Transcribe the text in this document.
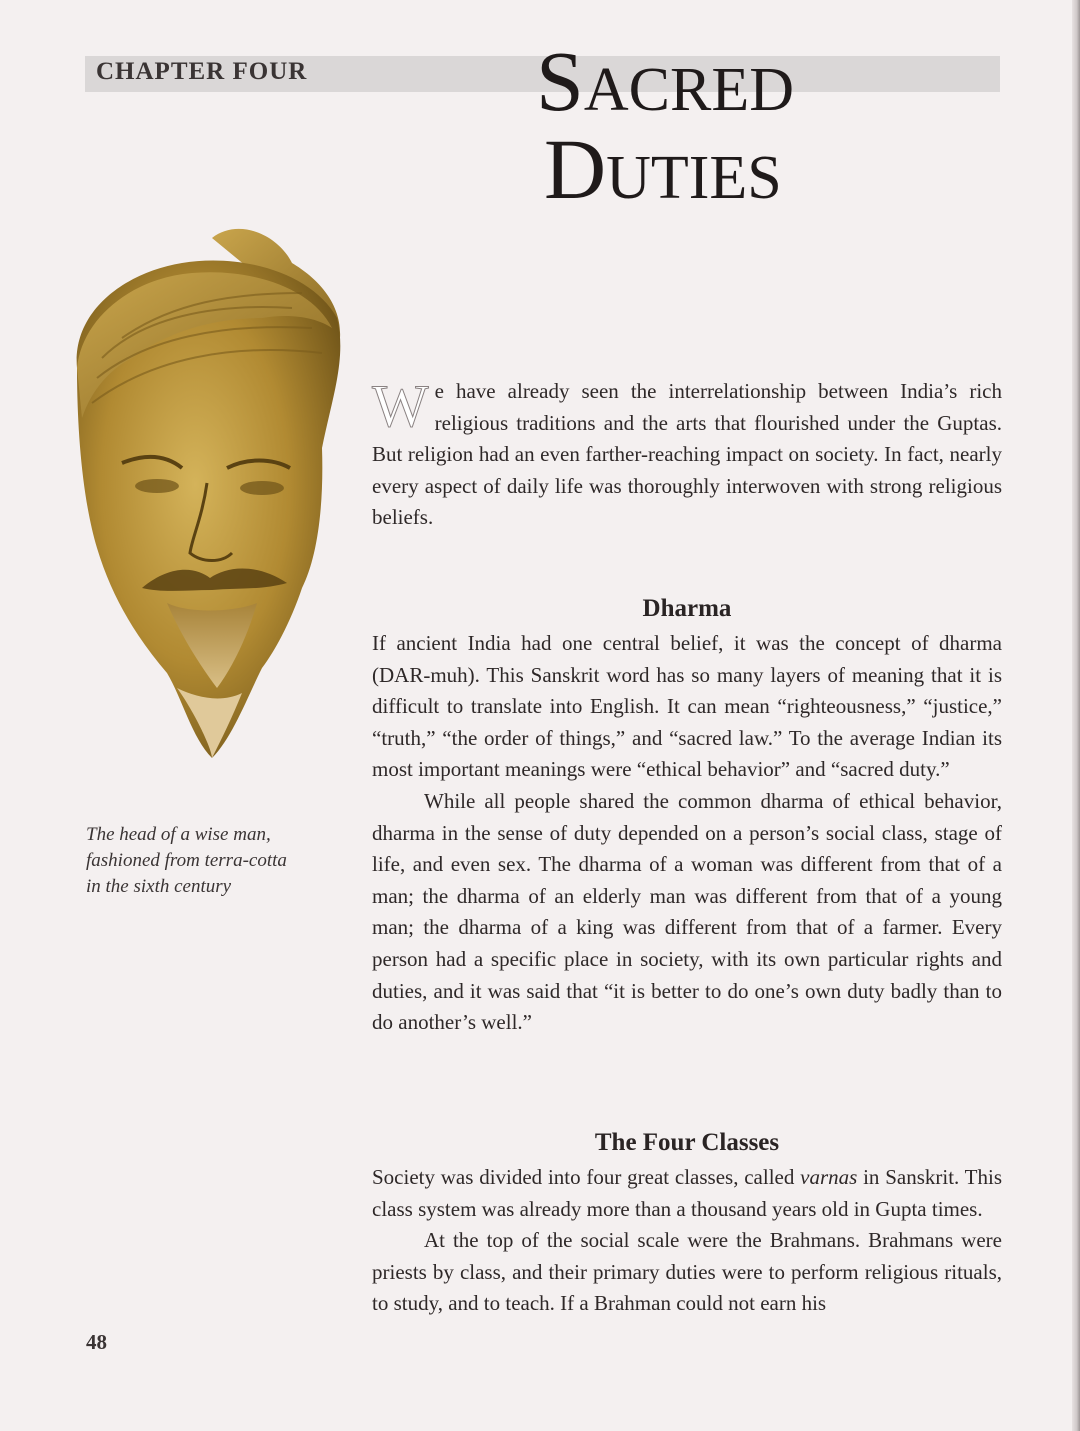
CHAPTER FOUR	SACRED
DUTIES
The head of a wise man,
fashioned from terra-cotta
in the sixth century

We have already seen the interrelationship between India’s rich religious traditions and the arts that flourished under the Guptas. But religion had an even farther-reaching impact on society. In fact, nearly every aspect of daily life was thoroughly interwoven with strong religious beliefs.

Dharma

If ancient India had one central belief, it was the concept of dharma (DAR-muh). This Sanskrit word has so many layers of meaning that it is difficult to translate into English. It can mean “righteousness,” “justice,” “truth,” “the order of things,” and “sacred law.” To the average Indian its most important meanings were “ethical behavior” and “sacred duty.”

While all people shared the common dharma of ethical behavior, dharma in the sense of duty depended on a person’s social class, stage of life, and even sex. The dharma of a woman was different from that of a man; the dharma of an elderly man was different from that of a young man; the dharma of a king was different from that of a farmer. Every person had a specific place in society, with its own particular rights and duties, and it was said that “it is better to do one’s own duty badly than to do another’s well.”

The Four Classes

Society was divided into four great classes, called varnas in Sanskrit. This class system was already more than a thousand years old in Gupta times.

At the top of the social scale were the Brahmans. Brahmans were priests by class, and their primary duties were to perform religious rituals, to study, and to teach. If a Brahman could not earn his

48
